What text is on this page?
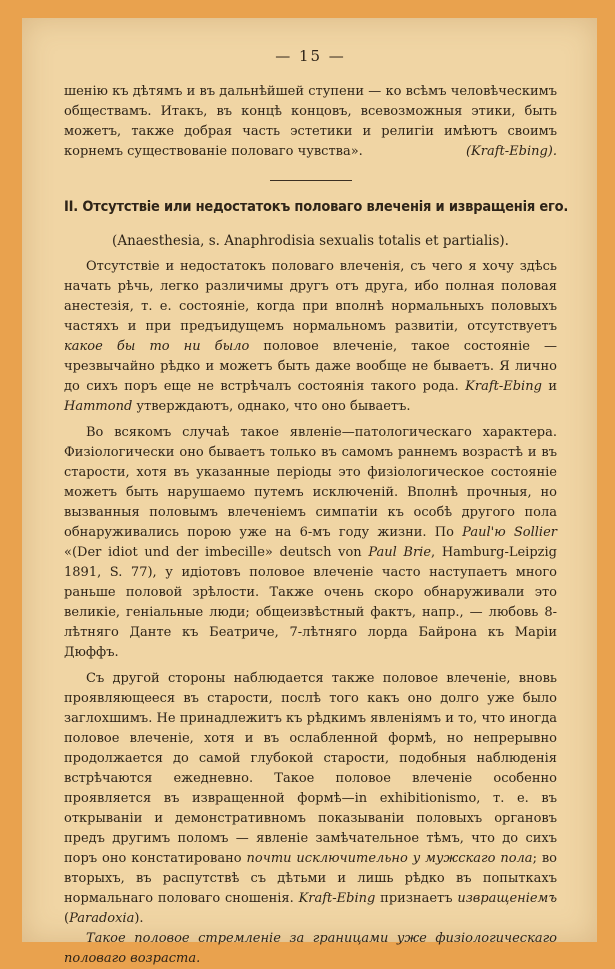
— 15 —

шенію къ дѣтямъ и въ дальнѣйшей ступени — ко всѣмъ человѣческимъ обществамъ. Итакъ, въ концѣ концовъ, всевозможныя этики, быть можетъ, также добрая часть эстетики и религіи имѣютъ своимъ корнемъ существованіе половаго чувства».	(Kraft-Ebing).

II. Отсутствіе или недостатокъ половаго влеченія и извращенія его.
(Anaesthesia, s. Anaphrodisia sexualis totalis et partialis).

Отсутствіе и недостатокъ половаго влеченія, съ чего я хочу здѣсь начать рѣчь, легко различимы другъ отъ друга, ибо полная половая анестезія, т. е. состояніе, когда при вполнѣ нормальныхъ половыхъ частяхъ и при предъидущемъ нормальномъ развитіи, отсутствуетъ какое бы то ни было половое влеченіе, такое состояніе — чрезвычайно рѣдко и можетъ быть даже вообще не бываетъ. Я лично до сихъ поръ еще не встрѣчалъ состоянія такого рода. Kraft-Ebing и Hammond утверждаютъ, однако, что оно бываетъ.

Во всякомъ случаѣ такое явленіе—патологическаго характера. Физіологически оно бываетъ только въ самомъ раннемъ возрастѣ и въ старости, хотя въ указанные періоды это физіологическое состояніе можетъ быть нарушаемо путемъ исключеній. Вполнѣ прочныя, но вызванныя половымъ влеченіемъ симпатіи къ особѣ другого пола обнаруживались порою уже на 6-мъ году жизни. По Paul'ю Sollier «(Der idiot und der imbecille» deutsch von Paul Brie, Hamburg-Leipzig 1891, S. 77), у идіотовъ половое влеченіе часто наступаетъ много раньше половой зрѣлости. Также очень скоро обнаруживали это великіе, геніальные люди; общеизвѣстный фактъ, напр., — любовь 8-лѣтняго Данте къ Беатриче, 7-лѣтняго лорда Байрона къ Маріи Дюффъ.

Съ другой стороны наблюдается также половое влеченіе, вновь проявляющееся въ старости, послѣ того какъ оно долго уже было заглохшимъ. Не принадлежитъ къ рѣдкимъ явленіямъ и то, что иногда половое влеченіе, хотя и въ ослабленной формѣ, но непрерывно продолжается до самой глубокой старости, подобныя наблюденія встрѣчаются ежедневно. Такое половое влеченіе особенно проявляется въ извращенной формѣ—in exhibitionismo, т. е. въ открываніи и демонстративномъ показываніи половыхъ органовъ предъ другимъ поломъ — явленіе замѣчательное тѣмъ, что до сихъ поръ оно констатировано почти исключительно у мужскаго пола; во вторыхъ, въ распутствѣ съ дѣтьми и лишь рѣдко въ попыткахъ нормальнаго половаго сношенія. Kraft-Ebing признаетъ извращеніемъ (Paradoxia).

Такое половое стремленіе за границами уже физіологическаго половаго возраста.
